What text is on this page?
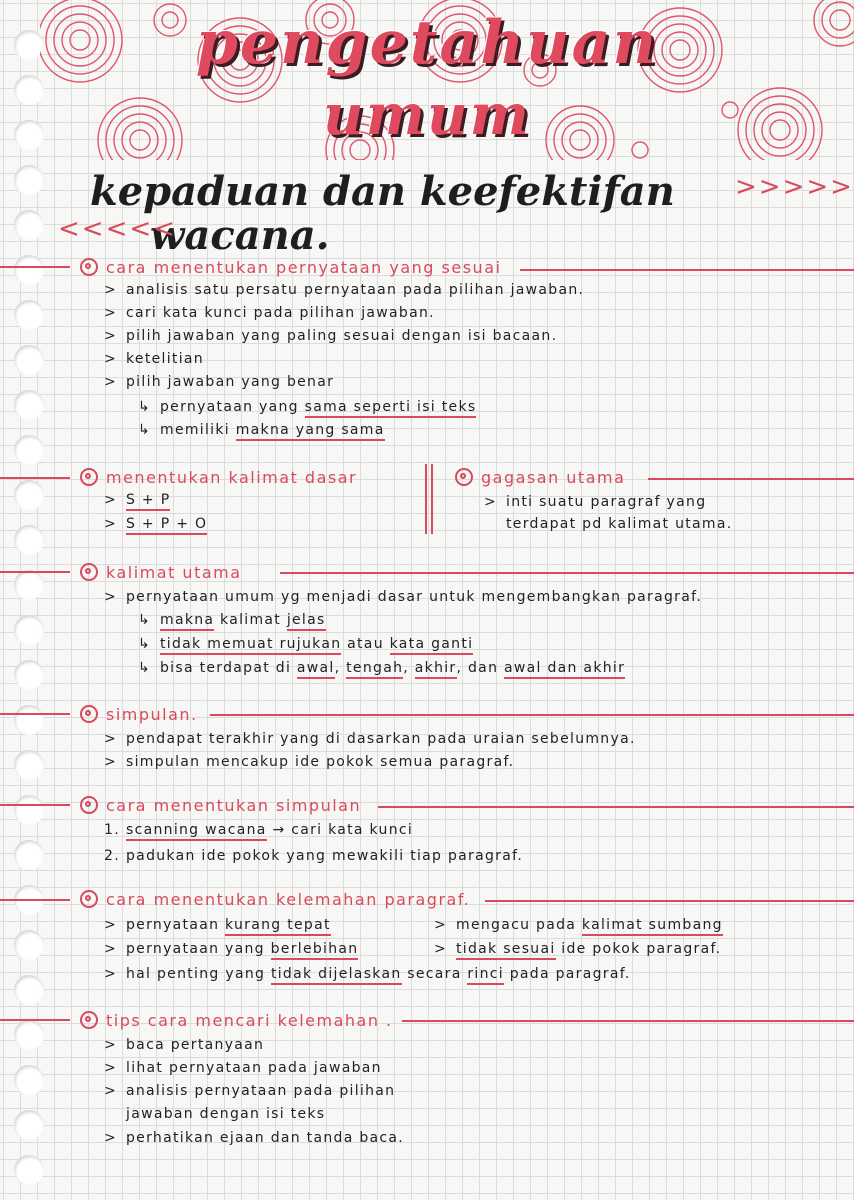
pengetahuan
umum
kepaduan dan keefektifan
wacana.
>>>>>
<<<<<
cara menentukan pernyataan yang sesuai
> analisis satu persatu pernyataan pada pilihan jawaban.
> cari kata kunci pada pilihan jawaban.
> pilih jawaban yang paling sesuai dengan isi bacaan.
> ketelitian
> pilih jawaban yang benar
↳ pernyataan yang sama seperti isi teks
↳ memiliki makna yang sama
menentukan kalimat dasar
> S + P
> S + P + O
gagasan utama
> inti suatu paragraf yang
terdapat pd kalimat utama.
kalimat utama
> pernyataan umum yg menjadi dasar untuk mengembangkan paragraf.
↳ makna kalimat jelas
↳ tidak memuat rujukan atau kata ganti
↳ bisa terdapat di awal, tengah, akhir, dan awal dan akhir
simpulan.
> pendapat terakhir yang di dasarkan pada uraian sebelumnya.
> simpulan mencakup ide pokok semua paragraf.
cara menentukan simpulan
1. scanning wacana → cari kata kunci
2. padukan ide pokok yang mewakili tiap paragraf.
cara menentukan kelemahan paragraf.
> pernyataan kurang tepat
> pernyataan yang berlebihan
> hal penting yang tidak dijelaskan secara rinci pada paragraf.
> mengacu pada kalimat sumbang
> tidak sesuai ide pokok paragraf.
tips cara mencari kelemahan .
> baca pertanyaan
> lihat pernyataan pada jawaban
> analisis pernyataan pada pilihan
jawaban dengan isi teks
> perhatikan ejaan dan tanda baca.
